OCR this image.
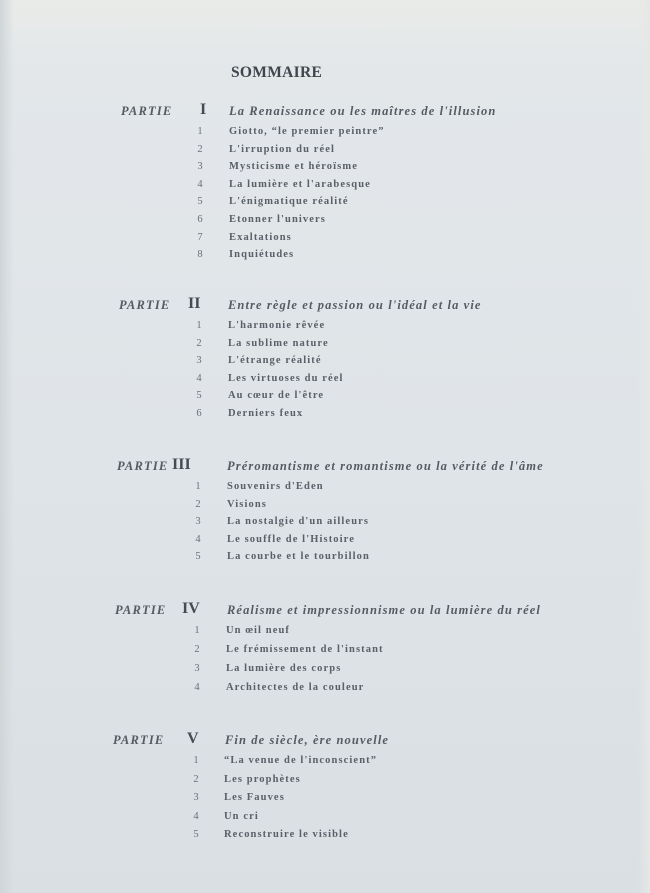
SOMMAIRE
PARTIE I La Renaissance ou les maîtres de l'illusion
1	Giotto, “le premier peintre”
2	L'irruption du réel
3	Mysticisme et héroïsme
4	La lumière et l'arabesque
5	L'énigmatique réalité
6	Etonner l'univers
7	Exaltations
8	Inquiétudes
PARTIE II Entre règle et passion ou l'idéal et la vie
1	L'harmonie rêvée
2	La sublime nature
3	L'étrange réalité
4	Les virtuoses du réel
5	Au cœur de l'être
6	Derniers feux
PARTIE III	Préromantisme et romantisme ou la vérité de l'âme
1	Souvenirs d'Eden
2	Visions
3	La nostalgie d'un ailleurs
4	Le souffle de l'Histoire
5	La courbe et le tourbillon
PARTIE IV Réalisme et impressionnisme ou la lumière du réel
1	Un œil neuf
2	Le frémissement de l'instant
3	La lumière des corps
4	Architectes de la couleur
PARTIE V Fin de siècle, ère nouvelle
1	“La venue de l'inconscient”
2	Les prophètes
3	Les Fauves
4	Un cri
5	Reconstruire le visible
